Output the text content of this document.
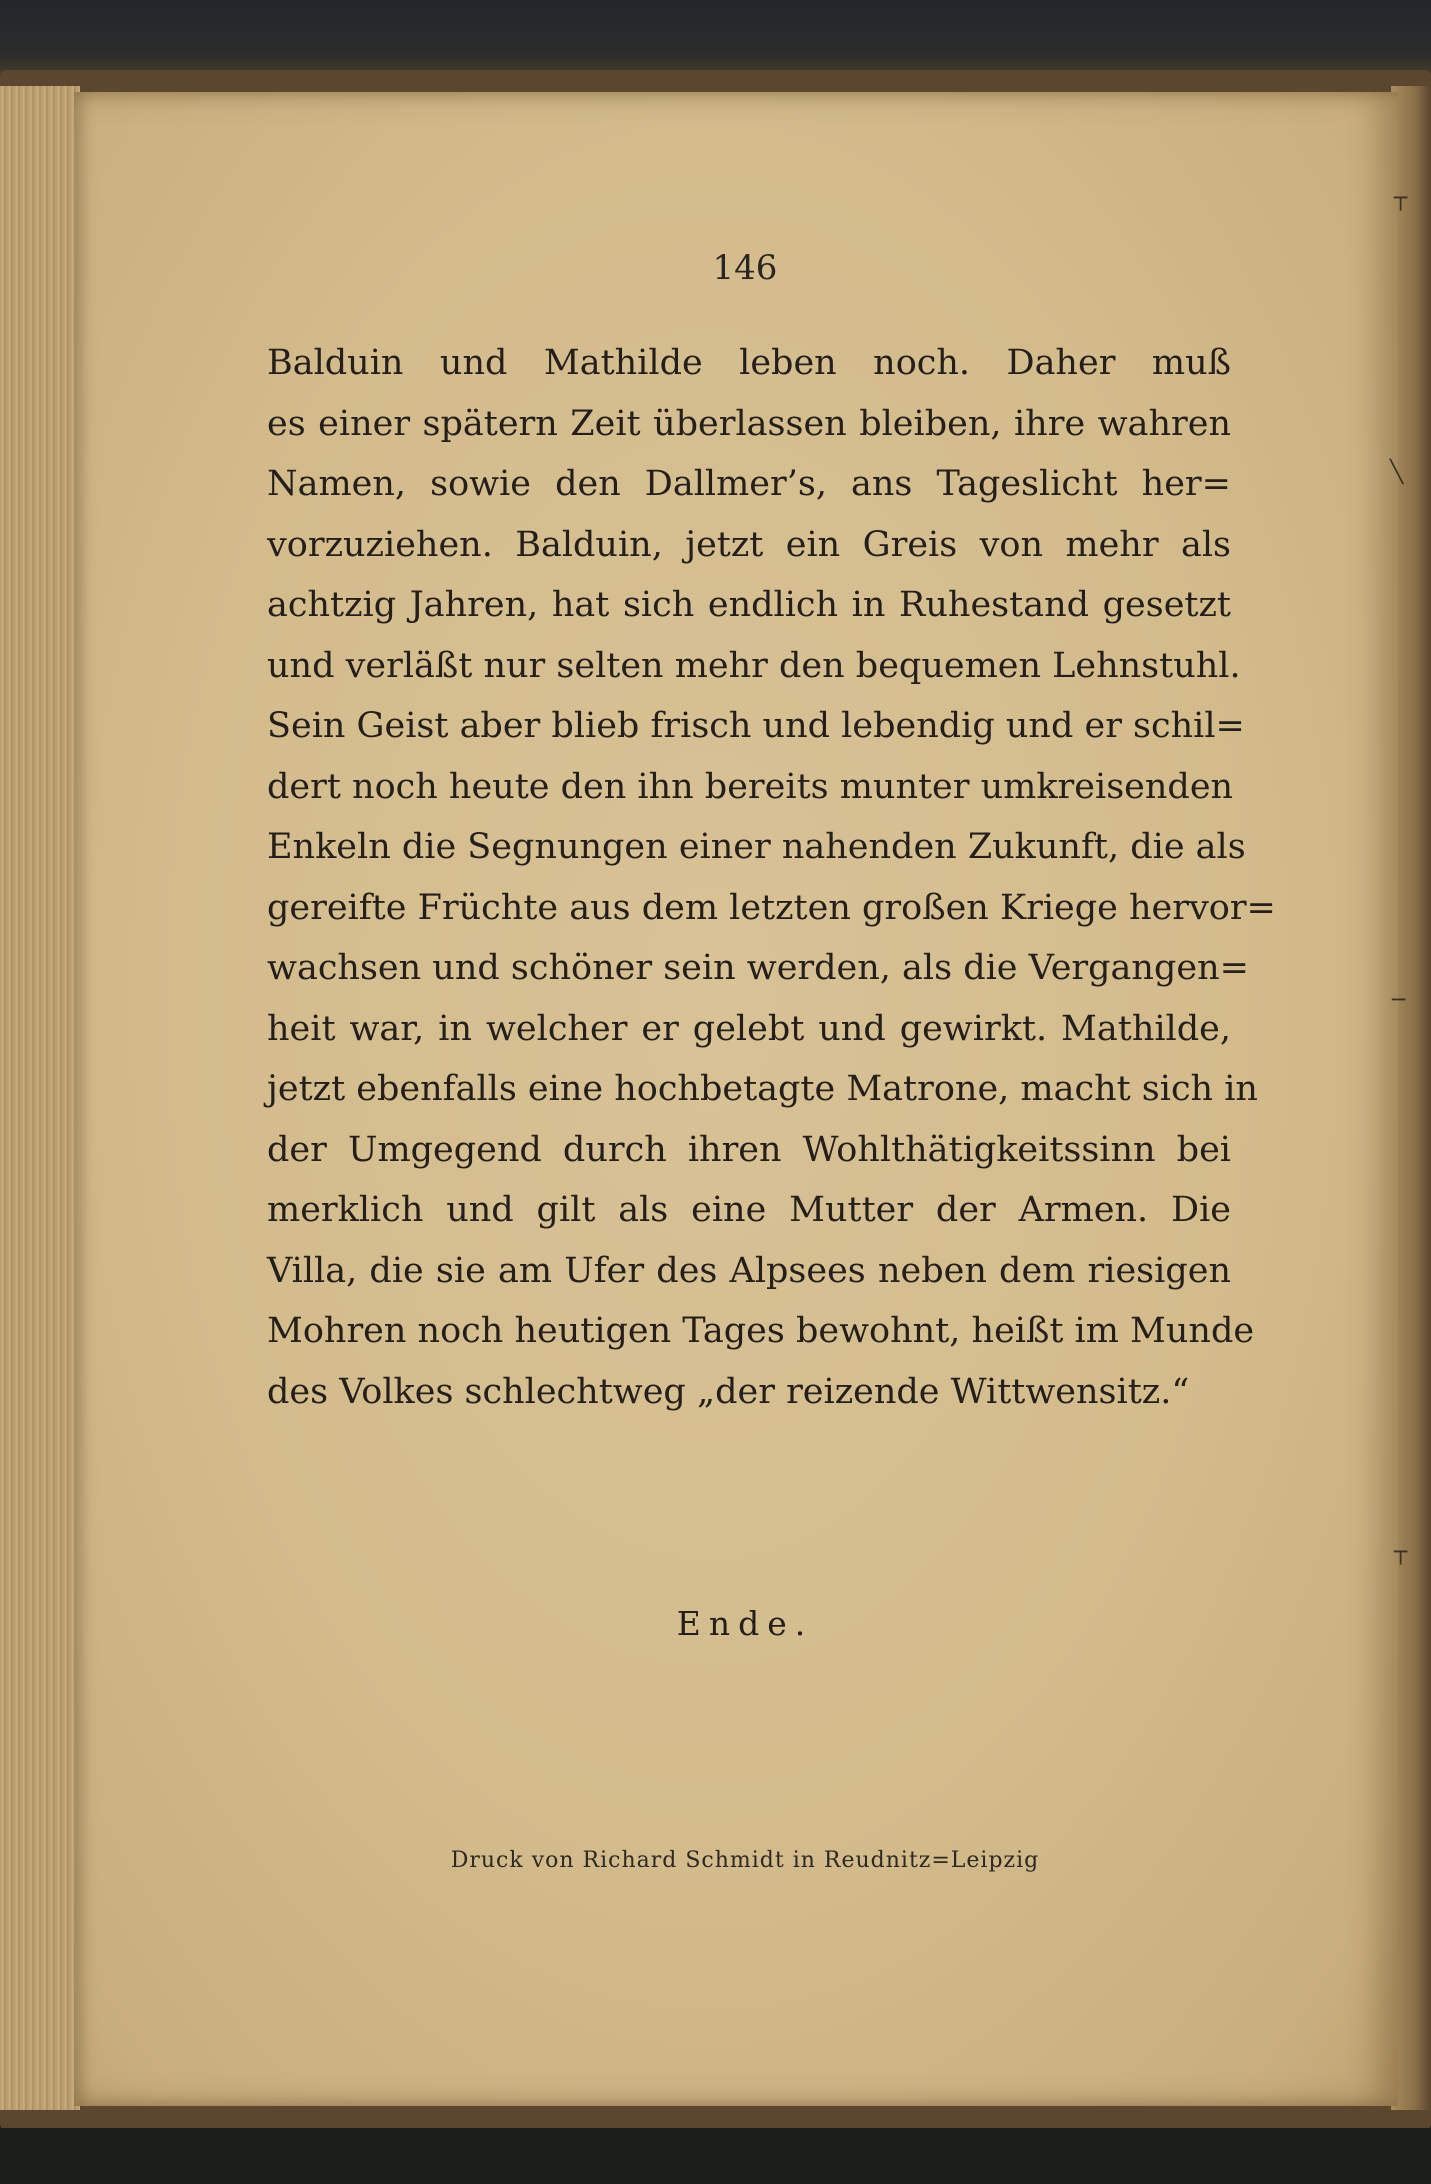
146
Balduin und Mathilde leben noch. Daher muß
es einer spätern Zeit überlassen bleiben, ihre wahren
Namen, sowie den Dallmer’s, ans Tageslicht her=
vorzuziehen. Balduin, jetzt ein Greis von mehr als
achtzig Jahren, hat sich endlich in Ruhestand gesetzt
und verläßt nur selten mehr den bequemen Lehnstuhl.
Sein Geist aber blieb frisch und lebendig und er schil=
dert noch heute den ihn bereits munter umkreisenden
Enkeln die Segnungen einer nahenden Zukunft, die als
gereifte Früchte aus dem letzten großen Kriege hervor=
wachsen und schöner sein werden, als die Vergangen=
heit war, in welcher er gelebt und gewirkt. Mathilde,
jetzt ebenfalls eine hochbetagte Matrone, macht sich in
der Umgegend durch ihren Wohlthätigkeitssinn bei
merklich und gilt als eine Mutter der Armen. Die
Villa, die sie am Ufer des Alpsees neben dem riesigen
Mohren noch heutigen Tages bewohnt, heißt im Munde
des Volkes schlechtweg „der reizende Wittwensitz.“
Ende.
Druck von Richard Schmidt in Reudnitz=Leipzig
┬
╲
─
┬
